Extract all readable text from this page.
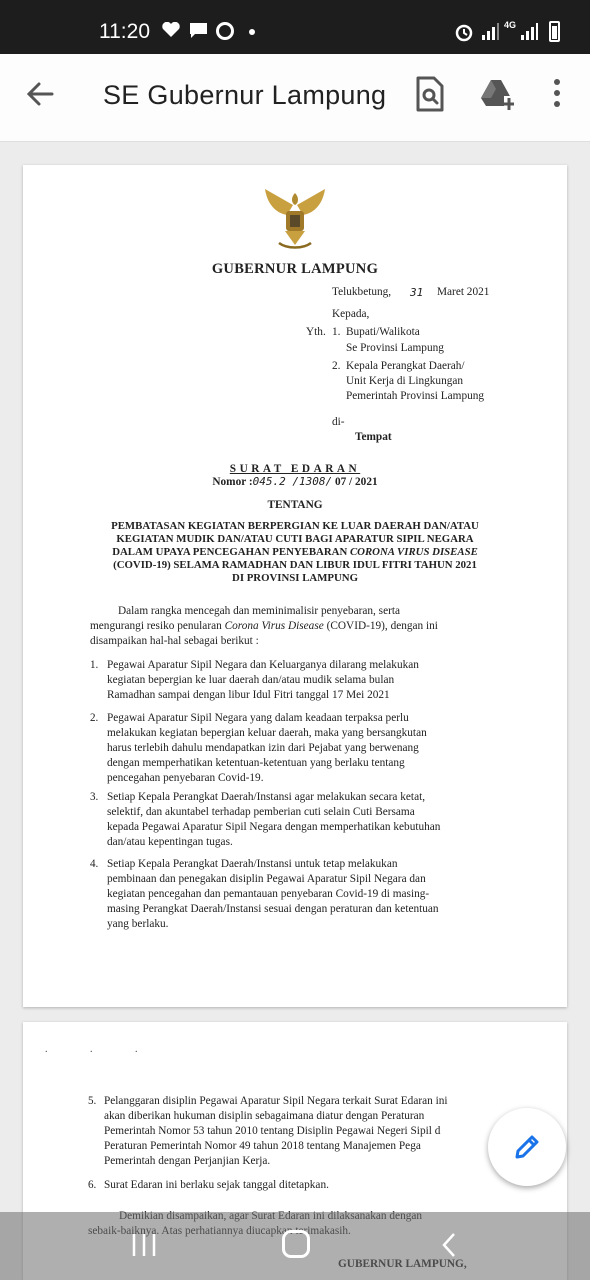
11:20	4G
SE Gubernur Lampung
GUBERNUR LAMPUNG
Telukbetung, 31 Maret 2021
Kepada,
Yth. 1. Bupati/Walikota
Se Provinsi Lampung
2. Kepala Perangkat Daerah/
Unit Kerja di Lingkungan
Pemerintah Provinsi Lampung
di-
Tempat
SURAT EDARAN
Nomor :045.2 /1308/ 07 / 2021
TENTANG
PEMBATASAN KEGIATAN BERPERGIAN KE LUAR DAERAH DAN/ATAU
KEGIATAN MUDIK DAN/ATAU CUTI BAGI APARATUR SIPIL NEGARA
DALAM UPAYA PENCEGAHAN PENYEBARAN CORONA VIRUS DISEASE
(COVID-19) SELAMA RAMADHAN DAN LIBUR IDUL FITRI TAHUN 2021
DI PROVINSI LAMPUNG
Dalam rangka mencegah dan meminimalisir penyebaran, serta
mengurangi resiko penularan Corona Virus Disease (COVID-19), dengan ini
disampaikan hal-hal sebagai berikut :
1. Pegawai Aparatur Sipil Negara dan Keluarganya dilarang melakukan
kegiatan bepergian ke luar daerah dan/atau mudik selama bulan
Ramadhan sampai dengan libur Idul Fitri tanggal 17 Mei 2021
2. Pegawai Aparatur Sipil Negara yang dalam keadaan terpaksa perlu
melakukan kegiatan bepergian keluar daerah, maka yang bersangkutan
harus terlebih dahulu mendapatkan izin dari Pejabat yang berwenang
dengan memperhatikan ketentuan-ketentuan yang berlaku tentang
pencegahan penyebaran Covid-19.
3. Setiap Kepala Perangkat Daerah/Instansi agar melakukan secara ketat,
selektif, dan akuntabel terhadap pemberian cuti selain Cuti Bersama
kepada Pegawai Aparatur Sipil Negara dengan memperhatikan kebutuhan
dan/atau kepentingan tugas.
4. Setiap Kepala Perangkat Daerah/Instansi untuk tetap melakukan
pembinaan dan penegakan disiplin Pegawai Aparatur Sipil Negara dan
kegiatan pencegahan dan pemantauan penyebaran Covid-19 di masing-
masing Perangkat Daerah/Instansi sesuai dengan peraturan dan ketentuan
yang berlaku.
. . .
5. Pelanggaran disiplin Pegawai Aparatur Sipil Negara terkait Surat Edaran ini
akan diberikan hukuman disiplin sebagaimana diatur dengan Peraturan
Pemerintah Nomor 53 tahun 2010 tentang Disiplin Pegawai Negeri Sipil d
Peraturan Pemerintah Nomor 49 tahun 2018 tentang Manajemen Pega
Pemerintah dengan Perjanjian Kerja.
6. Surat Edaran ini berlaku sejak tanggal ditetapkan.
